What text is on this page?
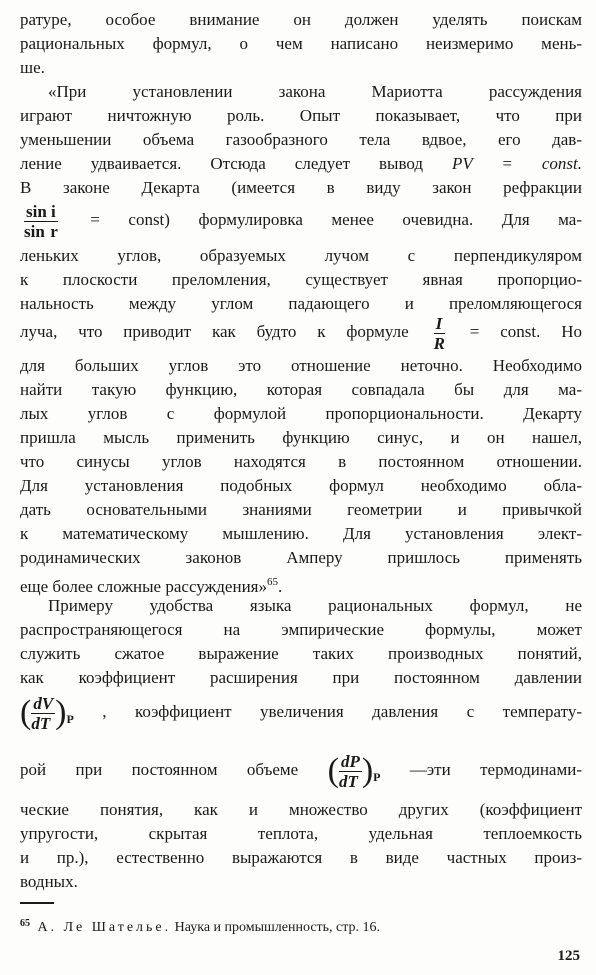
ратуре, особое внимание он должен уделять поискам
рациональных формул, о чем написано неизмеримо мень-
ше.
«При установлении закона Мариотта рассуждения
играют ничтожную роль. Опыт показывает, что при
уменьшении объема газообразного тела вдвое, его дав-
ление удваивается. Отсюда следует вывод PV = const.
В законе Декарта (имеется в виду закон рефракции
$\frac{\text{sin i}}{\text{sin r}}$ = const) формулировка менее очевидна. Для ма-
леньких углов, образуемых лучом с перпендикуляром
к плоскости преломления, существует явная пропорцио-
нальность между углом падающего и преломляющегося
луча, что приводит как будто к формуле $\frac{I}{R}$ = const. Но
для больших углов это отношение неточно. Необходимо
найти такую функцию, которая совпадала бы для ма-
лых углов с формулой пропорциональности. Декарту
пришла мысль применить функцию синус, и он нашел,
что синусы углов находятся в постоянном отношении.
Для установления подобных формул необходимо обла-
дать основательными знаниями геометрии и привычкой
к математическому мышлению. Для установления элект-
родинамических законов Амперу пришлось применять
еще более сложные рассуждения»$^{65}$.
Примеру удобства языка рациональных формул, не
распространяющегося на эмпирические формулы, может
служить сжатое выражение таких производных понятий,
как коэффициент расширения при постоянном давлении
( $\frac{dV}{dT} )_P$ , коэффициент увеличения давления с температу-
рой при постоянном объеме ( $\frac{dP}{dT} )_P$ —эти термодинами-
ческие понятия, как и множество других (коэффициент
упругости, скрытая теплота, удельная теплоемкость
и пр.), естественно выражаются в виде частных произ-
водных.
$^{65}$ А. Ле Шателье. Наука и промышленность, стр. 16.
125
